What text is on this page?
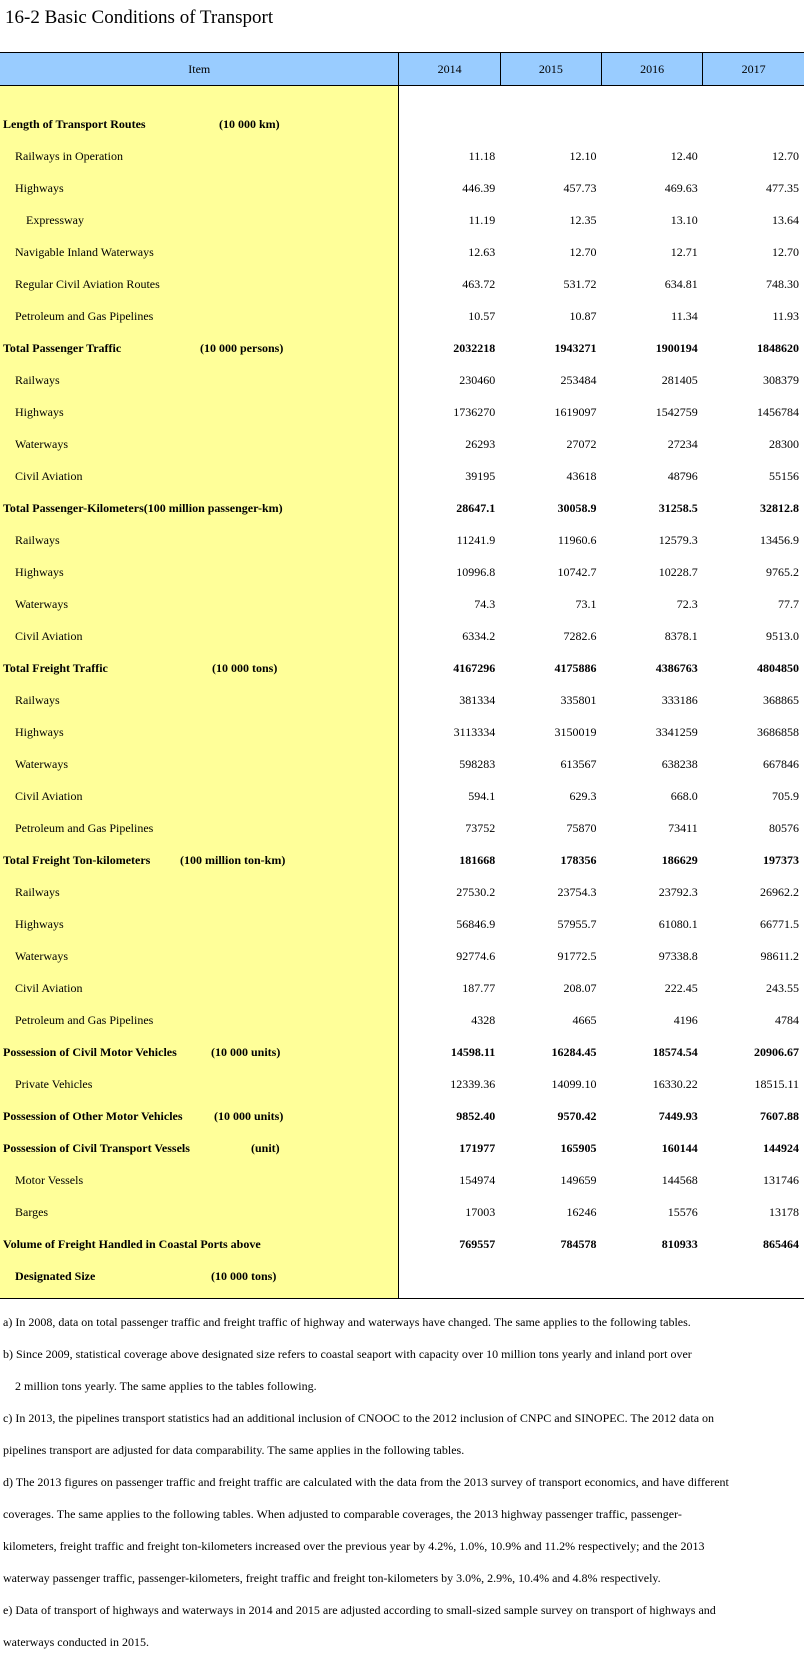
16-2 Basic Conditions of Transport
Item	2014	2015	2016	2017

Length of Transport Routes (10 000 km)				

Railways in Operation	11.18	12.10	12.40	12.70

Highways	446.39	457.73	469.63	477.35

Expressway	11.19	12.35	13.10	13.64

Navigable Inland Waterways	12.63	12.70	12.71	12.70

Regular Civil Aviation Routes	463.72	531.72	634.81	748.30

Petroleum and Gas Pipelines	10.57	10.87	11.34	11.93

Total Passenger Traffic (10 000 persons)	2032218	1943271	1900194	1848620

Railways	230460	253484	281405	308379

Highways	1736270	1619097	1542759	1456784

Waterways	26293	27072	27234	28300

Civil Aviation	39195	43618	48796	55156

Total Passenger-Kilometers(100 million passenger-km)	28647.1	30058.9	31258.5	32812.8

Railways	11241.9	11960.6	12579.3	13456.9

Highways	10996.8	10742.7	10228.7	9765.2

Waterways	74.3	73.1	72.3	77.7

Civil Aviation	6334.2	7282.6	8378.1	9513.0

Total Freight Traffic (10 000 tons)	4167296	4175886	4386763	4804850

Railways	381334	335801	333186	368865

Highways	3113334	3150019	3341259	3686858

Waterways	598283	613567	638238	667846

Civil Aviation	594.1	629.3	668.0	705.9

Petroleum and Gas Pipelines	73752	75870	73411	80576

Total Freight Ton-kilometers (100 million ton-km)	181668	178356	186629	197373

Railways	27530.2	23754.3	23792.3	26962.2

Highways	56846.9	57955.7	61080.1	66771.5

Waterways	92774.6	91772.5	97338.8	98611.2

Civil Aviation	187.77	208.07	222.45	243.55

Petroleum and Gas Pipelines	4328	4665	4196	4784

Possession of Civil Motor Vehicles (10 000 units)	14598.11	16284.45	18574.54	20906.67

Private Vehicles	12339.36	14099.10	16330.22	18515.11

Possession of Other Motor Vehicles (10 000 units)	9852.40	9570.42	7449.93	7607.88

Possession of Civil Transport Vessels (unit)	171977	165905	160144	144924

Motor Vessels	154974	149659	144568	131746

Barges	17003	16246	15576	13178

Volume of Freight Handled in Coastal Ports above	769557	784578	810933	865464

Designated Size (10 000 tons)				

a) In 2008, data on total passenger traffic and freight traffic of highway and waterways have changed. The same applies to the following tables.
b) Since 2009, statistical coverage above designated size refers to coastal seaport with capacity over 10 million tons yearly and inland port over
2 million tons yearly. The same applies to the tables following.
c) In 2013, the pipelines transport statistics had an additional inclusion of CNOOC to the 2012 inclusion of CNPC and SINOPEC. The 2012 data on
pipelines transport are adjusted for data comparability. The same applies in the following tables.
d) The 2013 figures on passenger traffic and freight traffic are calculated with the data from the 2013 survey of transport economics, and have different
coverages. The same applies to the following tables. When adjusted to comparable coverages, the 2013 highway passenger traffic, passenger-
kilometers, freight traffic and freight ton-kilometers increased over the previous year by 4.2%, 1.0%, 10.9% and 11.2% respectively; and the 2013
waterway passenger traffic, passenger-kilometers, freight traffic and freight ton-kilometers by 3.0%, 2.9%, 10.4% and 4.8% respectively.
e) Data of transport of highways and waterways in 2014 and 2015 are adjusted according to small-sized sample survey on transport of highways and
waterways conducted in 2015.
